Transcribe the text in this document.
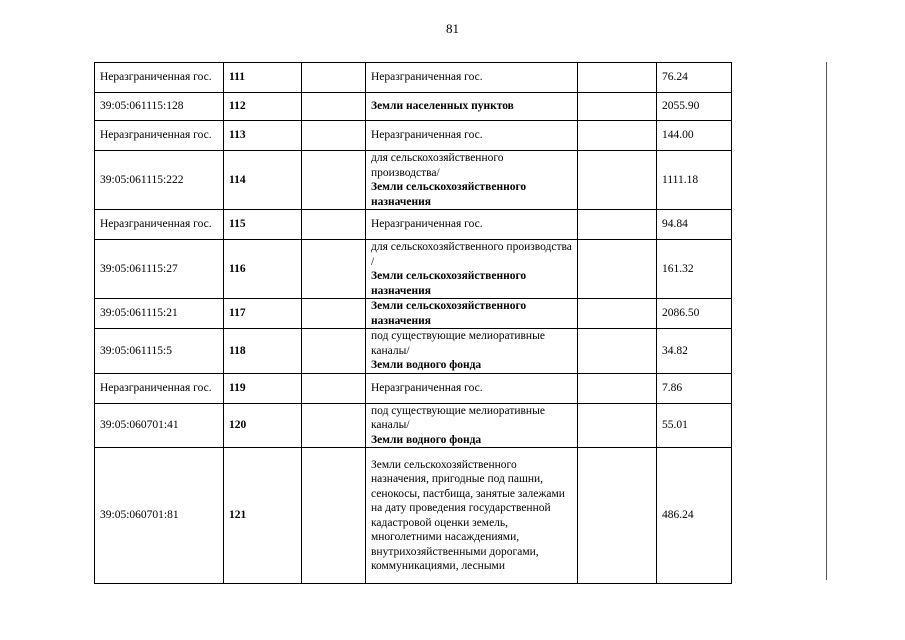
81
Неразграниченная гос.	111		Неразграниченная гос.		76.24
39:05:061115:128	112		Земли населенных пунктов		2055.90
Неразграниченная гос.	113		Неразграниченная гос.		144.00
39:05:061115:222	114		для сельскохозяйственного производства/
Земли сельскохозяйственного назначения		1111.18
Неразграниченная гос.	115		Неразграниченная гос.		94.84
39:05:061115:27	116		для сельскохозяйственного производства /
Земли сельскохозяйственного назначения		161.32
39:05:061115:21	117		Земли сельскохозяйственного назначения		2086.50
39:05:061115:5	118		под существующие мелиоративные каналы/
Земли водного фонда		34.82
Неразграниченная гос.	119		Неразграниченная гос.		7.86
39:05:060701:41	120		под существующие мелиоративные каналы/
Земли водного фонда		55.01
39:05:060701:81	121		Земли сельскохозяйственного назначения, пригодные под пашни, сенокосы, пастбища, занятые залежами на дату проведения государственной кадастровой оценки земель, многолетними насаждениями, внутрихозяйственными дорогами, коммуникациями, лесными		486.24
